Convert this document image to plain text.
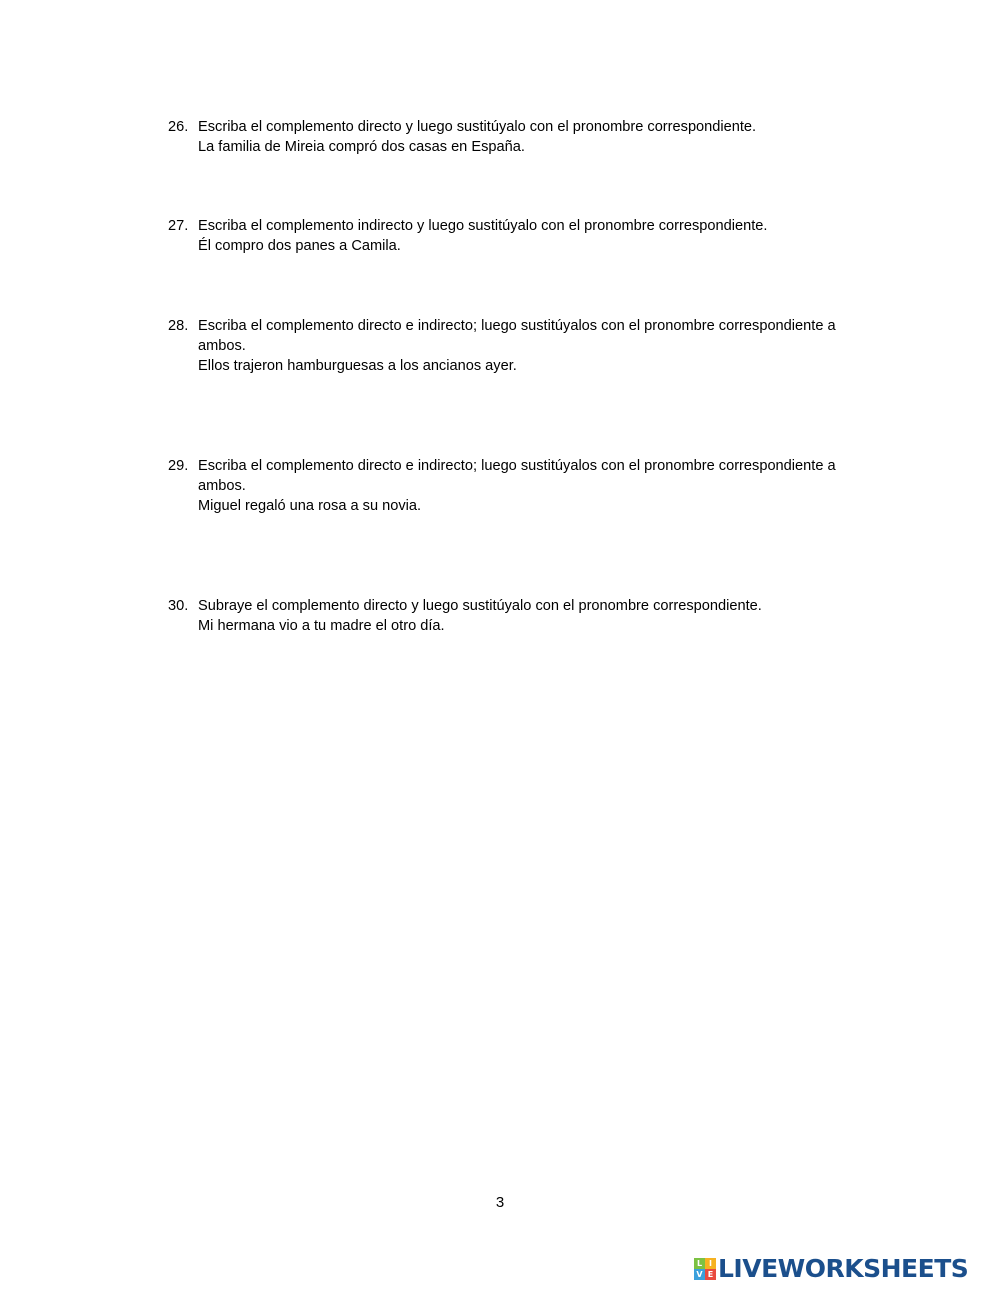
26. Escriba el complemento directo y luego sustitúyalo con el pronombre correspondiente.
La familia de Mireia compró dos casas en España.
27. Escriba el complemento indirecto y luego sustitúyalo con el pronombre correspondiente.
Él compro dos panes a Camila.
28. Escriba el complemento directo e indirecto; luego sustitúyalos con el pronombre correspondiente a ambos.
Ellos trajeron hamburguesas a los ancianos ayer.
29. Escriba el complemento directo e indirecto; luego sustitúyalos con el pronombre correspondiente a ambos.
Miguel regaló una rosa a su novia.
30. Subraye el complemento directo y luego sustitúyalo con el pronombre correspondiente.
Mi hermana vio a tu madre el otro día.
3
L I
V E LIVEWORKSHEETS
